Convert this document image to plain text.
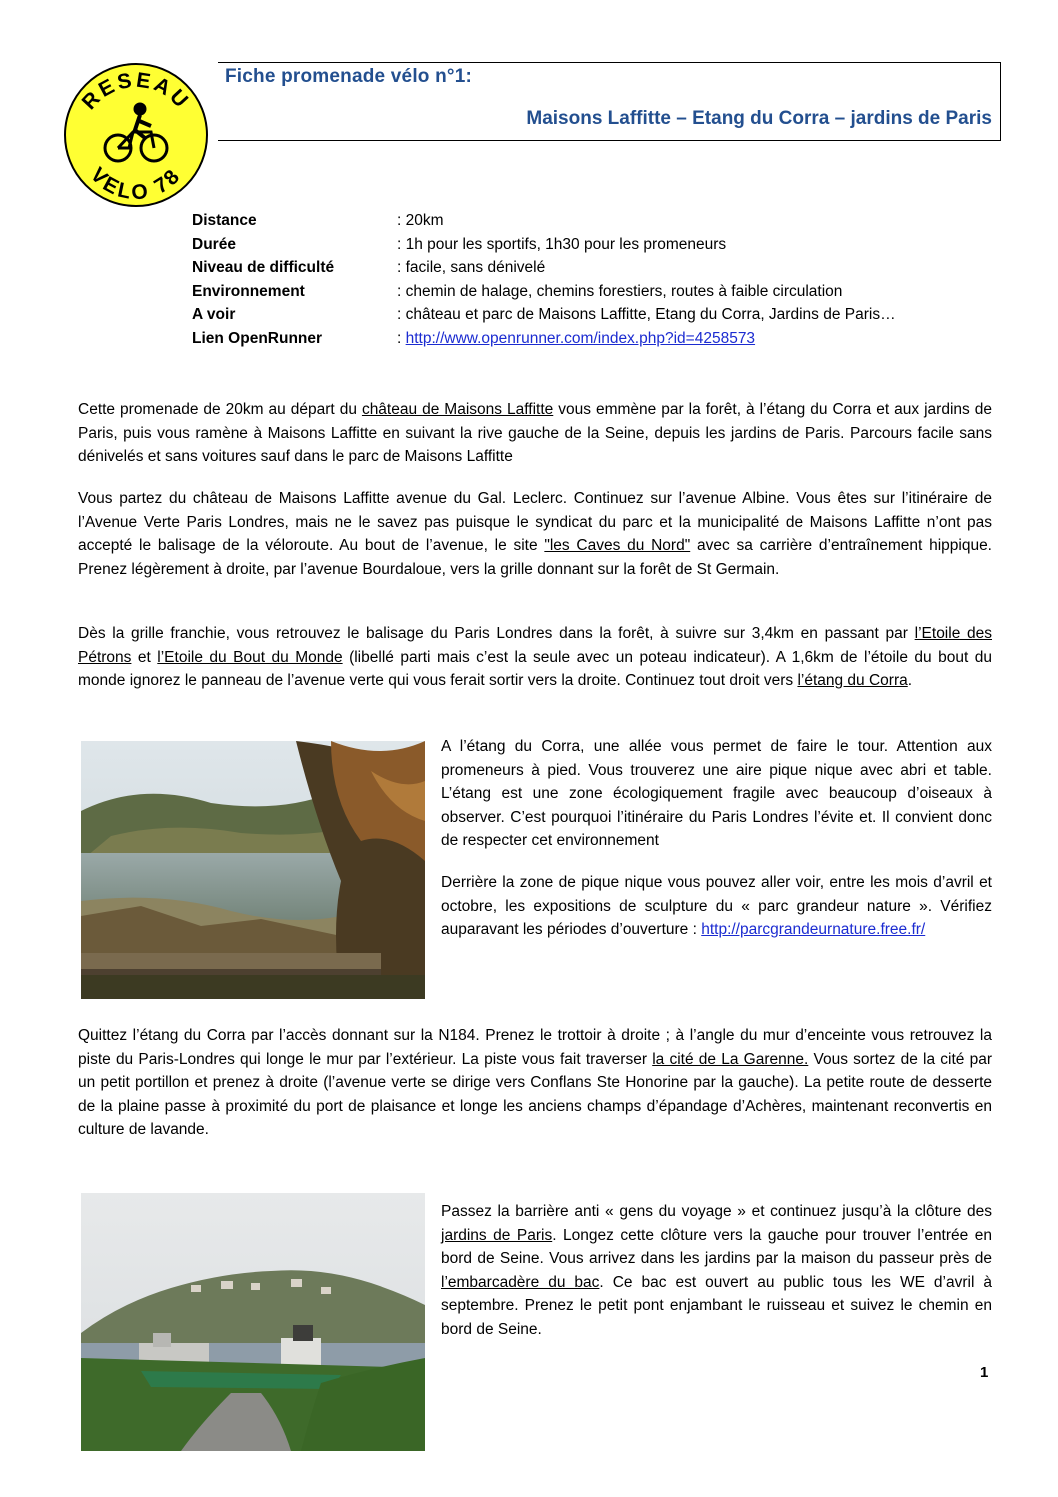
RESEAU
VELO 78
Fiche promenade vélo n°1:
Maisons Laffitte – Etang du Corra – jardins de Paris
Distance	: 20km
Durée	: 1h pour les sportifs, 1h30 pour les promeneurs
Niveau de difficulté	: facile, sans dénivelé
Environnement	: chemin de halage, chemins forestiers, routes à faible circulation
A voir	: château et parc de Maisons Laffitte, Etang du Corra, Jardins de Paris…
Lien OpenRunner	: http://www.openrunner.com/index.php?id=4258573
Cette promenade de 20km au départ du château de Maisons Laffitte vous emmène par la forêt, à l’étang du Corra et aux jardins de Paris, puis vous ramène à Maisons Laffitte en suivant la rive gauche de la Seine, depuis les jardins de Paris. Parcours facile sans dénivelés et sans voitures sauf dans le parc de Maisons Laffitte
Vous partez du château de Maisons Laffitte avenue du Gal. Leclerc. Continuez sur l’avenue Albine. Vous êtes sur l’itinéraire de l’Avenue Verte Paris Londres, mais ne le savez pas puisque le syndicat du parc et la municipalité de Maisons Laffitte n’ont pas accepté le balisage de la véloroute. Au bout de l’avenue, le site "les Caves du Nord" avec sa carrière d’entraînement hippique. Prenez légèrement à droite, par l’avenue Bourdaloue, vers la grille donnant sur la forêt de St Germain.
Dès la grille franchie, vous retrouvez le balisage du Paris Londres dans la forêt, à suivre sur 3,4km en passant par l’Etoile des Pétrons et l’Etoile du Bout du Monde (libellé parti mais c’est la seule avec un poteau indicateur). A 1,6km de l’étoile du bout du monde ignorez le panneau de l’avenue verte qui vous ferait sortir vers la droite. Continuez tout droit vers l’étang du Corra.
A l’étang du Corra, une allée vous permet de faire le tour. Attention aux promeneurs à pied. Vous trouverez une aire pique nique avec abri et table. L’étang est une zone écologiquement fragile avec beaucoup d’oiseaux à observer. C’est pourquoi l’itinéraire du Paris Londres l’évite et. Il convient donc de respecter cet environnement
Derrière la zone de pique nique vous pouvez aller voir, entre les mois d’avril et octobre, les expositions de sculpture du « parc grandeur nature ». Vérifiez auparavant les périodes d’ouverture : http://parcgrandeurnature.free.fr/
Quittez l’étang du Corra par l’accès donnant sur la N184. Prenez le trottoir à droite ; à l’angle du mur d’enceinte vous retrouvez la piste du Paris-Londres qui longe le mur par l’extérieur. La piste vous fait traverser la cité de La Garenne. Vous sortez de la cité par un petit portillon et prenez à droite (l’avenue verte se dirige vers Conflans Ste Honorine par la gauche). La petite route de desserte de la plaine passe à proximité du port de plaisance et longe les anciens champs d’épandage d’Achères, maintenant reconvertis en culture de lavande.
Passez la barrière anti « gens du voyage » et continuez jusqu’à la clôture des jardins de Paris. Longez cette clôture vers la gauche pour trouver l’entrée en bord de Seine. Vous arrivez dans les jardins par la maison du passeur près de l’embarcadère du bac. Ce bac est ouvert au public tous les WE d’avril à septembre. Prenez le petit pont enjambant le ruisseau et suivez le chemin en bord de Seine.
1
